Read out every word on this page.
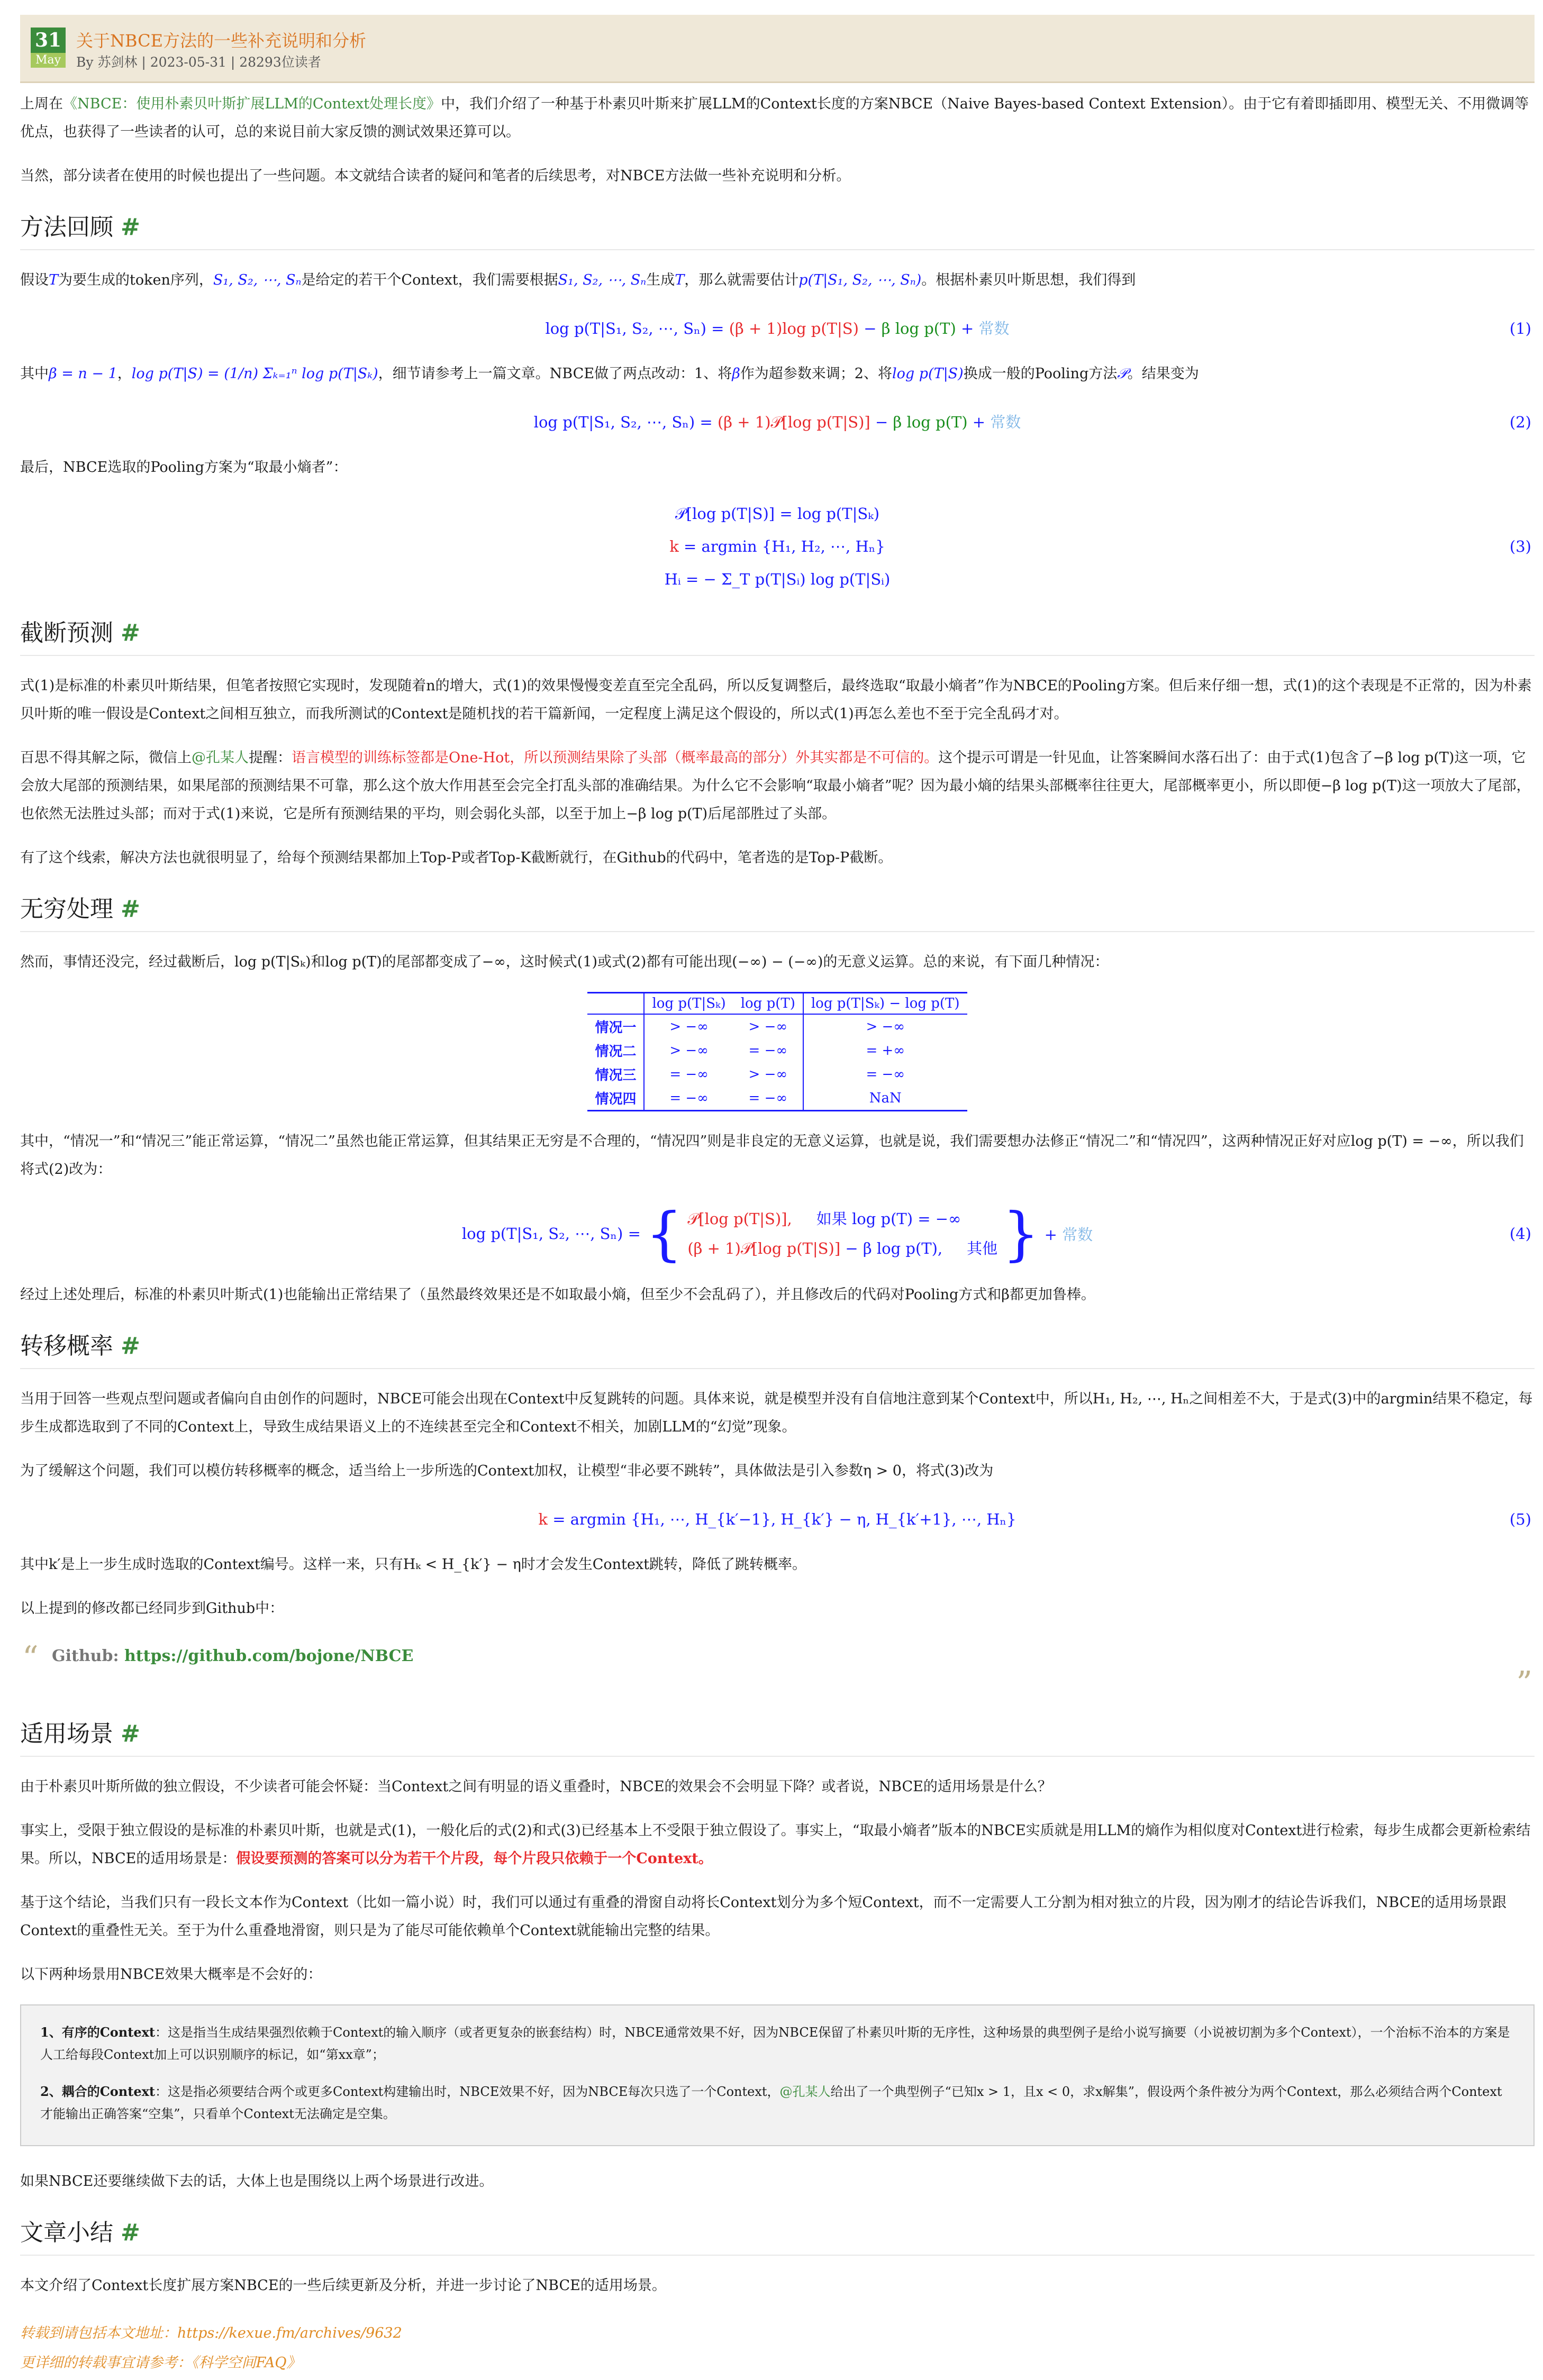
31
May
关于NBCE方法的一些补充说明和分析
By 苏剑林 | 2023-05-31 | 28293位读者

上周在《NBCE：使用朴素贝叶斯扩展LLM的Context处理长度》中，我们介绍了一种基于朴素贝叶斯来扩展LLM的Context长度的方案NBCE（Naive Bayes-based Context Extension）。由于它有着即插即用、模型无关、不用微调等优点，也获得了一些读者的认可，总的来说目前大家反馈的测试效果还算可以。

当然，部分读者在使用的时候也提出了一些问题。本文就结合读者的疑问和笔者的后续思考，对NBCE方法做一些补充说明和分析。

方法回顾 #

假设T为要生成的token序列，S₁, S₂, ⋯, Sₙ是给定的若干个Context，我们需要根据S₁, S₂, ⋯, Sₙ生成T，那么就需要估计p(T|S₁, S₂, ⋯, Sₙ)。根据朴素贝叶斯思想，我们得到

log p(T|S₁, S₂, ⋯, Sₙ) = (β + 1)log p(T|S) − β log p(T) + 常数	(1)

其中β = n − 1，log p(T|S) = (1/n) Σₖ₌₁ⁿ log p(T|Sₖ)，细节请参考上一篇文章。NBCE做了两点改动：1、将β作为超参数来调；2、将log p(T|S)换成一般的Pooling方法𝒫。结果变为

log p(T|S₁, S₂, ⋯, Sₙ) = (β + 1)𝒫[log p(T|S)] − β log p(T) + 常数	(2)

最后，NBCE选取的Pooling方案为“取最小熵者”：

𝒫[log p(T|S)] = log p(T|Sₖ)
k = argmin {H₁, H₂, ⋯, Hₙ}
Hᵢ = − Σ_T p(T|Sᵢ) log p(T|Sᵢ)
(3)
截断预测 #

式(1)是标准的朴素贝叶斯结果，但笔者按照它实现时，发现随着n的增大，式(1)的效果慢慢变差直至完全乱码，所以反复调整后，最终选取“取最小熵者”作为NBCE的Pooling方案。但后来仔细一想，式(1)的这个表现是不正常的，因为朴素贝叶斯的唯一假设是Context之间相互独立，而我所测试的Context是随机找的若干篇新闻，一定程度上满足这个假设的，所以式(1)再怎么差也不至于完全乱码才对。

百思不得其解之际，微信上@孔某人提醒：语言模型的训练标签都是One-Hot，所以预测结果除了头部（概率最高的部分）外其实都是不可信的。这个提示可谓是一针见血，让答案瞬间水落石出了：由于式(1)包含了−β log p(T)这一项，它会放大尾部的预测结果，如果尾部的预测结果不可靠，那么这个放大作用甚至会完全打乱头部的准确结果。为什么它不会影响“取最小熵者”呢？因为最小熵的结果头部概率往往更大，尾部概率更小，所以即便−β log p(T)这一项放大了尾部，也依然无法胜过头部；而对于式(1)来说，它是所有预测结果的平均，则会弱化头部，以至于加上−β log p(T)后尾部胜过了头部。

有了这个线索，解决方法也就很明显了，给每个预测结果都加上Top-P或者Top-K截断就行，在Github的代码中，笔者选的是Top-P截断。

无穷处理 #

然而，事情还没完，经过截断后，log p(T|Sₖ)和log p(T)的尾部都变成了−∞，这时候式(1)或式(2)都有可能出现(−∞) − (−∞)的无意义运算。总的来说，有下面几种情况：

	log p(T|Sₖ)	log p(T)	log p(T|Sₖ) − log p(T)
情况一	> −∞	> −∞	> −∞
情况二	> −∞	= −∞	= +∞
情况三	= −∞	> −∞	= −∞
情况四	= −∞	= −∞	NaN

其中，“情况一”和“情况三”能正常运算，“情况二”虽然也能正常运算，但其结果正无穷是不合理的，“情况四”则是非良定的无意义运算，也就是说，我们需要想办法修正“情况二”和“情况四”，这两种情况正好对应log p(T) = −∞，所以我们将式(2)改为：

log p(T|S₁, S₂, ⋯, Sₙ) = { 𝒫[log p(T|S)], 如果 log p(T) = −∞
(β + 1)𝒫[log p(T|S)] − β log p(T), 其他 } + 常数	(4)

经过上述处理后，标准的朴素贝叶斯式(1)也能输出正常结果了（虽然最终效果还是不如取最小熵，但至少不会乱码了），并且修改后的代码对Pooling方式和β都更加鲁棒。

转移概率 #

当用于回答一些观点型问题或者偏向自由创作的问题时，NBCE可能会出现在Context中反复跳转的问题。具体来说，就是模型并没有自信地注意到某个Context中，所以H₁, H₂, ⋯, Hₙ之间相差不大，于是式(3)中的argmin结果不稳定，每步生成都选取到了不同的Context上，导致生成结果语义上的不连续甚至完全和Context不相关，加剧LLM的“幻觉”现象。

为了缓解这个问题，我们可以模仿转移概率的概念，适当给上一步所选的Context加权，让模型“非必要不跳转”，具体做法是引入参数η > 0，将式(3)改为

k = argmin {H₁, ⋯, H_{k′−1}, H_{k′} − η, H_{k′+1}, ⋯, Hₙ}	(5)

其中k′是上一步生成时选取的Context编号。这样一来，只有Hₖ < H_{k′} − η时才会发生Context跳转，降低了跳转概率。

以上提到的修改都已经同步到Github中：

“ Github: https://github.com/bojone/NBCE
”
适用场景 #

由于朴素贝叶斯所做的独立假设，不少读者可能会怀疑：当Context之间有明显的语义重叠时，NBCE的效果会不会明显下降？或者说，NBCE的适用场景是什么？

事实上，受限于独立假设的是标准的朴素贝叶斯，也就是式(1)，一般化后的式(2)和式(3)已经基本上不受限于独立假设了。事实上，“取最小熵者”版本的NBCE实质就是用LLM的熵作为相似度对Context进行检索，每步生成都会更新检索结果。所以，NBCE的适用场景是：假设要预测的答案可以分为若干个片段，每个片段只依赖于一个Context。

基于这个结论，当我们只有一段长文本作为Context（比如一篇小说）时，我们可以通过有重叠的滑窗自动将长Context划分为多个短Context，而不一定需要人工分割为相对独立的片段，因为刚才的结论告诉我们，NBCE的适用场景跟Context的重叠性无关。至于为什么重叠地滑窗，则只是为了能尽可能依赖单个Context就能输出完整的结果。

以下两种场景用NBCE效果大概率是不会好的：

1、有序的Context：这是指当生成结果强烈依赖于Context的输入顺序（或者更复杂的嵌套结构）时，NBCE通常效果不好，因为NBCE保留了朴素贝叶斯的无序性，这种场景的典型例子是给小说写摘要（小说被切割为多个Context），一个治标不治本的方案是人工给每段Context加上可以识别顺序的标记，如“第xx章”；

2、耦合的Context：这是指必须要结合两个或更多Context构建输出时，NBCE效果不好，因为NBCE每次只选了一个Context，@孔某人给出了一个典型例子“已知x > 1，且x < 0，求x解集”，假设两个条件被分为两个Context，那么必须结合两个Context才能输出正确答案“空集”，只看单个Context无法确定是空集。

如果NBCE还要继续做下去的话，大体上也是围绕以上两个场景进行改进。

文章小结 #

本文介绍了Context长度扩展方案NBCE的一些后续更新及分析，并进一步讨论了NBCE的适用场景。

转载到请包括本文地址：https://kexue.fm/archives/9632

更详细的转载事宜请参考：《科学空间FAQ》
